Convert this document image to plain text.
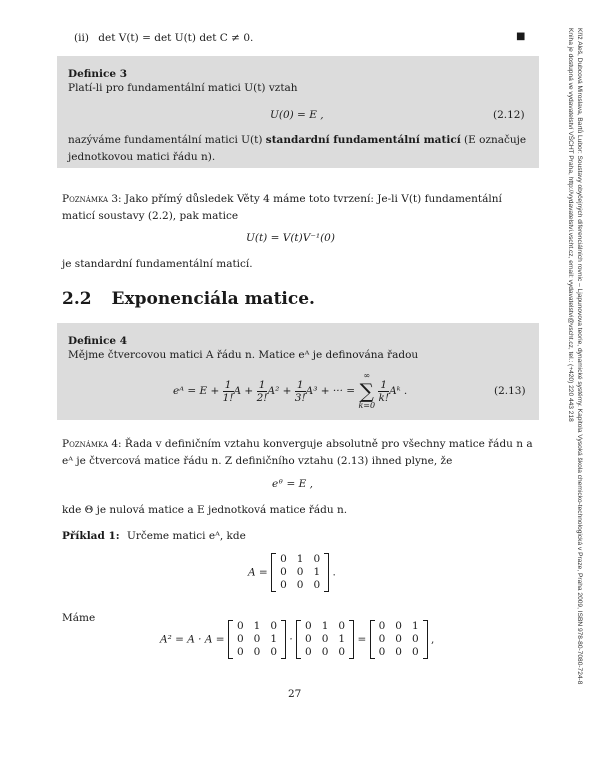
(ii) det V(t) = det U(t) det C ≠ 0.	■
Definice 3
Platí-li pro fundamentální matici U(t) vztah
U(0) = E ,	(2.12)
nazýváme fundamentální matici U(t) standardní fundamentální maticí (E označuje jednotkovou matici řádu n).
Poznámka 3: Jako přímý důsledek Věty 4 máme toto tvrzení: Je-li V(t) fundamentální maticí soustavy (2.2), pak matice
U(t) = V(t)V⁻¹(0)
je standardní fundamentální maticí.
2.2 Exponenciála matice.
Definice 4
Mějme čtvercovou matici A řádu n. Matice eᴬ je definována řadou
eᴬ = $E + \frac{1}{1!}$ $A + \frac{1}{2!} A^2 + \frac{1}{3!} A^3$ + ··· =
∞
∑
k=0

$\frac{1}{k!}$ Aᵏ .	(2.13)
Poznámka 4: Řada v definičním vztahu konverguje absolutně pro všechny matice řádu n a eᴬ je čtvercová matice řádu n. Z definičního vztahu (2.13) ihned plyne, že
eᶿ = E ,
kde Θ je nulová matice a E jednotková matice řádu n.
Příklad 1: Určeme matici eᴬ, kde
A =
0	1	0
0	0	1
0	0	0
.
Máme
A² = A · A =
0	1	0
0	0	1
0	0	0
·
0	1	0
0	0	1
0	0	0
=
0	0	1
0	0	0
0	0	0
,
27
Kříž Aleš, Dubcová Miroslava, Bartů Lubor: Soustavy obyčejných diferenciálních rovnic – Ljapunovova teorie, dynamické systémy. Kapitola Vysoká škola chemicko-technologická v Praze, Praha 2009, ISBN 978-80-7080-724-8
Kniha je dostupná ve vydavatelství VŠCHT Praha, http://vydavatelstvi.vscht.cz, email: vydavatelstvi@vscht.cz, tel.: (+420) 220 443 218
